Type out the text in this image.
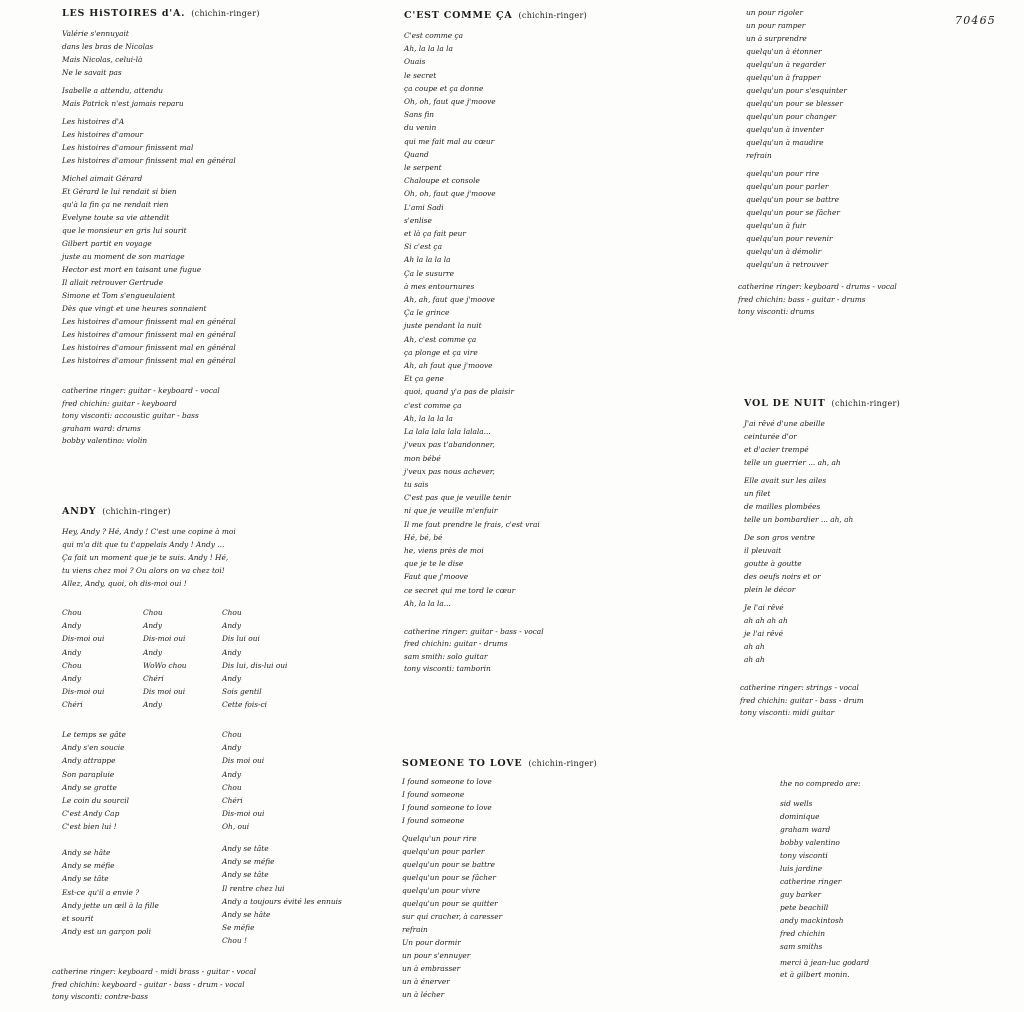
70465
LES HiSTOIRES d'A. (chichin-ringer)
Valérie s'ennuyait
dans les bras de Nicolas
Mais Nicolas, celui-là
Ne le savait pas
Isabelle a attendu, attendu
Mais Patrick n'est jamais reparu
Les histoires d'A
Les histoires d'amour
Les histoires d'amour finissent mal
Les histoires d'amour finissent mal en général
Michel aimait Gérard
Et Gérard le lui rendait si bien
qu'à la fin ça ne rendait rien
Evelyne toute sa vie attendit
que le monsieur en gris lui sourit
Gilbert partit en voyage
juste au moment de son mariage
Hector est mort en taisant une fugue
Il allait retrouver Gertrude
Simone et Tom s'engueulaient
Dès que vingt et une heures sonnaient
Les histoires d'amour finissent mal en général
Les histoires d'amour finissent mal en général
Les histoires d'amour finissent mal en général
Les histoires d'amour finissent mal en général
catherine ringer: guitar - keyboard - vocal
fred chichin: guitar - keyboard
tony visconti: accoustic guitar - bass
graham ward: drums
bobby valentino: violin
ANDY (chichin-ringer)
Hey, Andy ? Hé, Andy ! C'est une copine à moi
qui m'a dit que tu t'appelais Andy ! Andy ...
Ça fait un moment que je te suis. Andy ! Hé,
tu viens chez moi ? Ou alors on va chez toi!
Allez, Andy, quoi, oh dis-moi oui !
Chou
Andy
Dis-moi oui
Andy
Chou
Andy
Dis-moi oui
Chéri
Chou
Andy
Dis-moi oui
Andy
WoWo chou
Chéri
Dis moi oui
Andy
Chou
Andy
Dis lui oui
Andy
Dis lui, dis-lui oui
Andy
Sois gentil
Cette fois-ci
Le temps se gâte
Andy s'en soucie
Andy attrappe
Son parapluie
Andy se gratte
Le coin du sourcil
C'est Andy Cap
C'est bien lui !
Chou
Andy
Dis moi oui
Andy
Chou
Chéri
Dis-moi oui
Oh, oui
Andy se hâte
Andy se méfie
Andy se tâte
Est-ce qu'il a envie ?
Andy jette un œil à la fille
et sourit
Andy est un garçon poli
Andy se tâte
Andy se méfie
Andy se tâte
Il rentre chez lui
Andy a toujours évité les ennuis
Andy se hâte
Se méfie
Chou !
catherine ringer: keyboard - midi brass - guitar - vocal
fred chichin: keyboard - guitar - bass - drum - vocal
tony visconti: contre-bass
C'EST COMME ÇA (chichin-ringer)
C'est comme ça
Ah, la la la la
Ouais
le secret
ça coupe et ça donne
Oh, oh, faut que j'moove
Sans fin
du venin
qui me fait mal au cœur
Quand
le serpent
Chaloupe et console
Oh, oh, faut que j'moove
L'ami Sadi
s'enlise
et là ça fait peur
Si c'est ça
Ah la la la la
Ça le susurre
à mes entournures
Ah, ah, faut que j'moove
Ça le grince
juste pendant la nuit
Ah, c'est comme ça
ça plonge et ça vire
Ah, ah faut que j'moove
Et ça gene
quoi, quand y'a pas de plaisir
c'est comme ça
Ah, la la la la
La lala lala lala lalala...
j'veux pas t'abandonner,
mon bébé
j'veux pas nous achever,
tu sais
C'est pas que je veuille tenir
ni que je veuille m'enfuir
Il me faut prendre le frais, c'est vrai
Hé, bé, bé
he, viens près de moi
que je te le dise
Faut que j'moove
ce secret qui me tord le cœur
Ah, la la la...
catherine ringer: guitar - bass - vocal
fred chichin: guitar - drums
sam smith: solo guitar
tony visconti: tamborin
SOMEONE TO LOVE (chichin-ringer)
I found someone to love
I found someone
I found someone to love
I found someone
Quelqu'un pour rire
quelqu'un pour parler
quelqu'un pour se battre
quelqu'un pour se fâcher
quelqu'un pour vivre
quelqu'un pour se quitter
sur qui cracher, à caresser
refrain
Un pour dormir
un pour s'ennuyer
un à embrasser
un à énerver
un à lécher
un pour rigoler
un pour ramper
un à surprendre
quelqu'un à étonner
quelqu'un à regarder
quelqu'un à frapper
quelqu'un pour s'esquinter
quelqu'un pour se blesser
quelqu'un pour changer
quelqu'un à inventer
quelqu'un à maudire
refrain
quelqu'un pour rire
quelqu'un pour parler
quelqu'un pour se battre
quelqu'un pour se fâcher
quelqu'un à fuir
quelqu'un pour revenir
quelqu'un à démolir
quelqu'un à retrouver
catherine ringer: keyboard - drums - vocal
fred chichin: bass - guitar - drums
tony visconti: drums
VOL DE NUIT (chichin-ringer)
J'ai rêvé d'une abeille
ceinturée d'or
et d'acier trempé
telle un guerrier ... ah, ah
Elle avait sur les ailes
un filet
de mailles plombées
telle un bombardier ... ah, ah
De son gros ventre
il pleuvait
goutte à goutte
des oeufs noirs et or
plein le décor
Je l'ai rêvé
ah ah ah ah
je l'ai rêvé
ah ah
ah ah
catherine ringer: strings - vocal
fred chichin: guitar - bass - drum
tony visconti: midi guitar
the no compredo are:
sid wells
dominique
graham ward
bobby valentino
tony visconti
luis jardine
catherine ringer
guy barker
pete beachill
andy mackintosh
fred chichin
sam smiths
merci à jean-luc godard
et à gilbert monin.
